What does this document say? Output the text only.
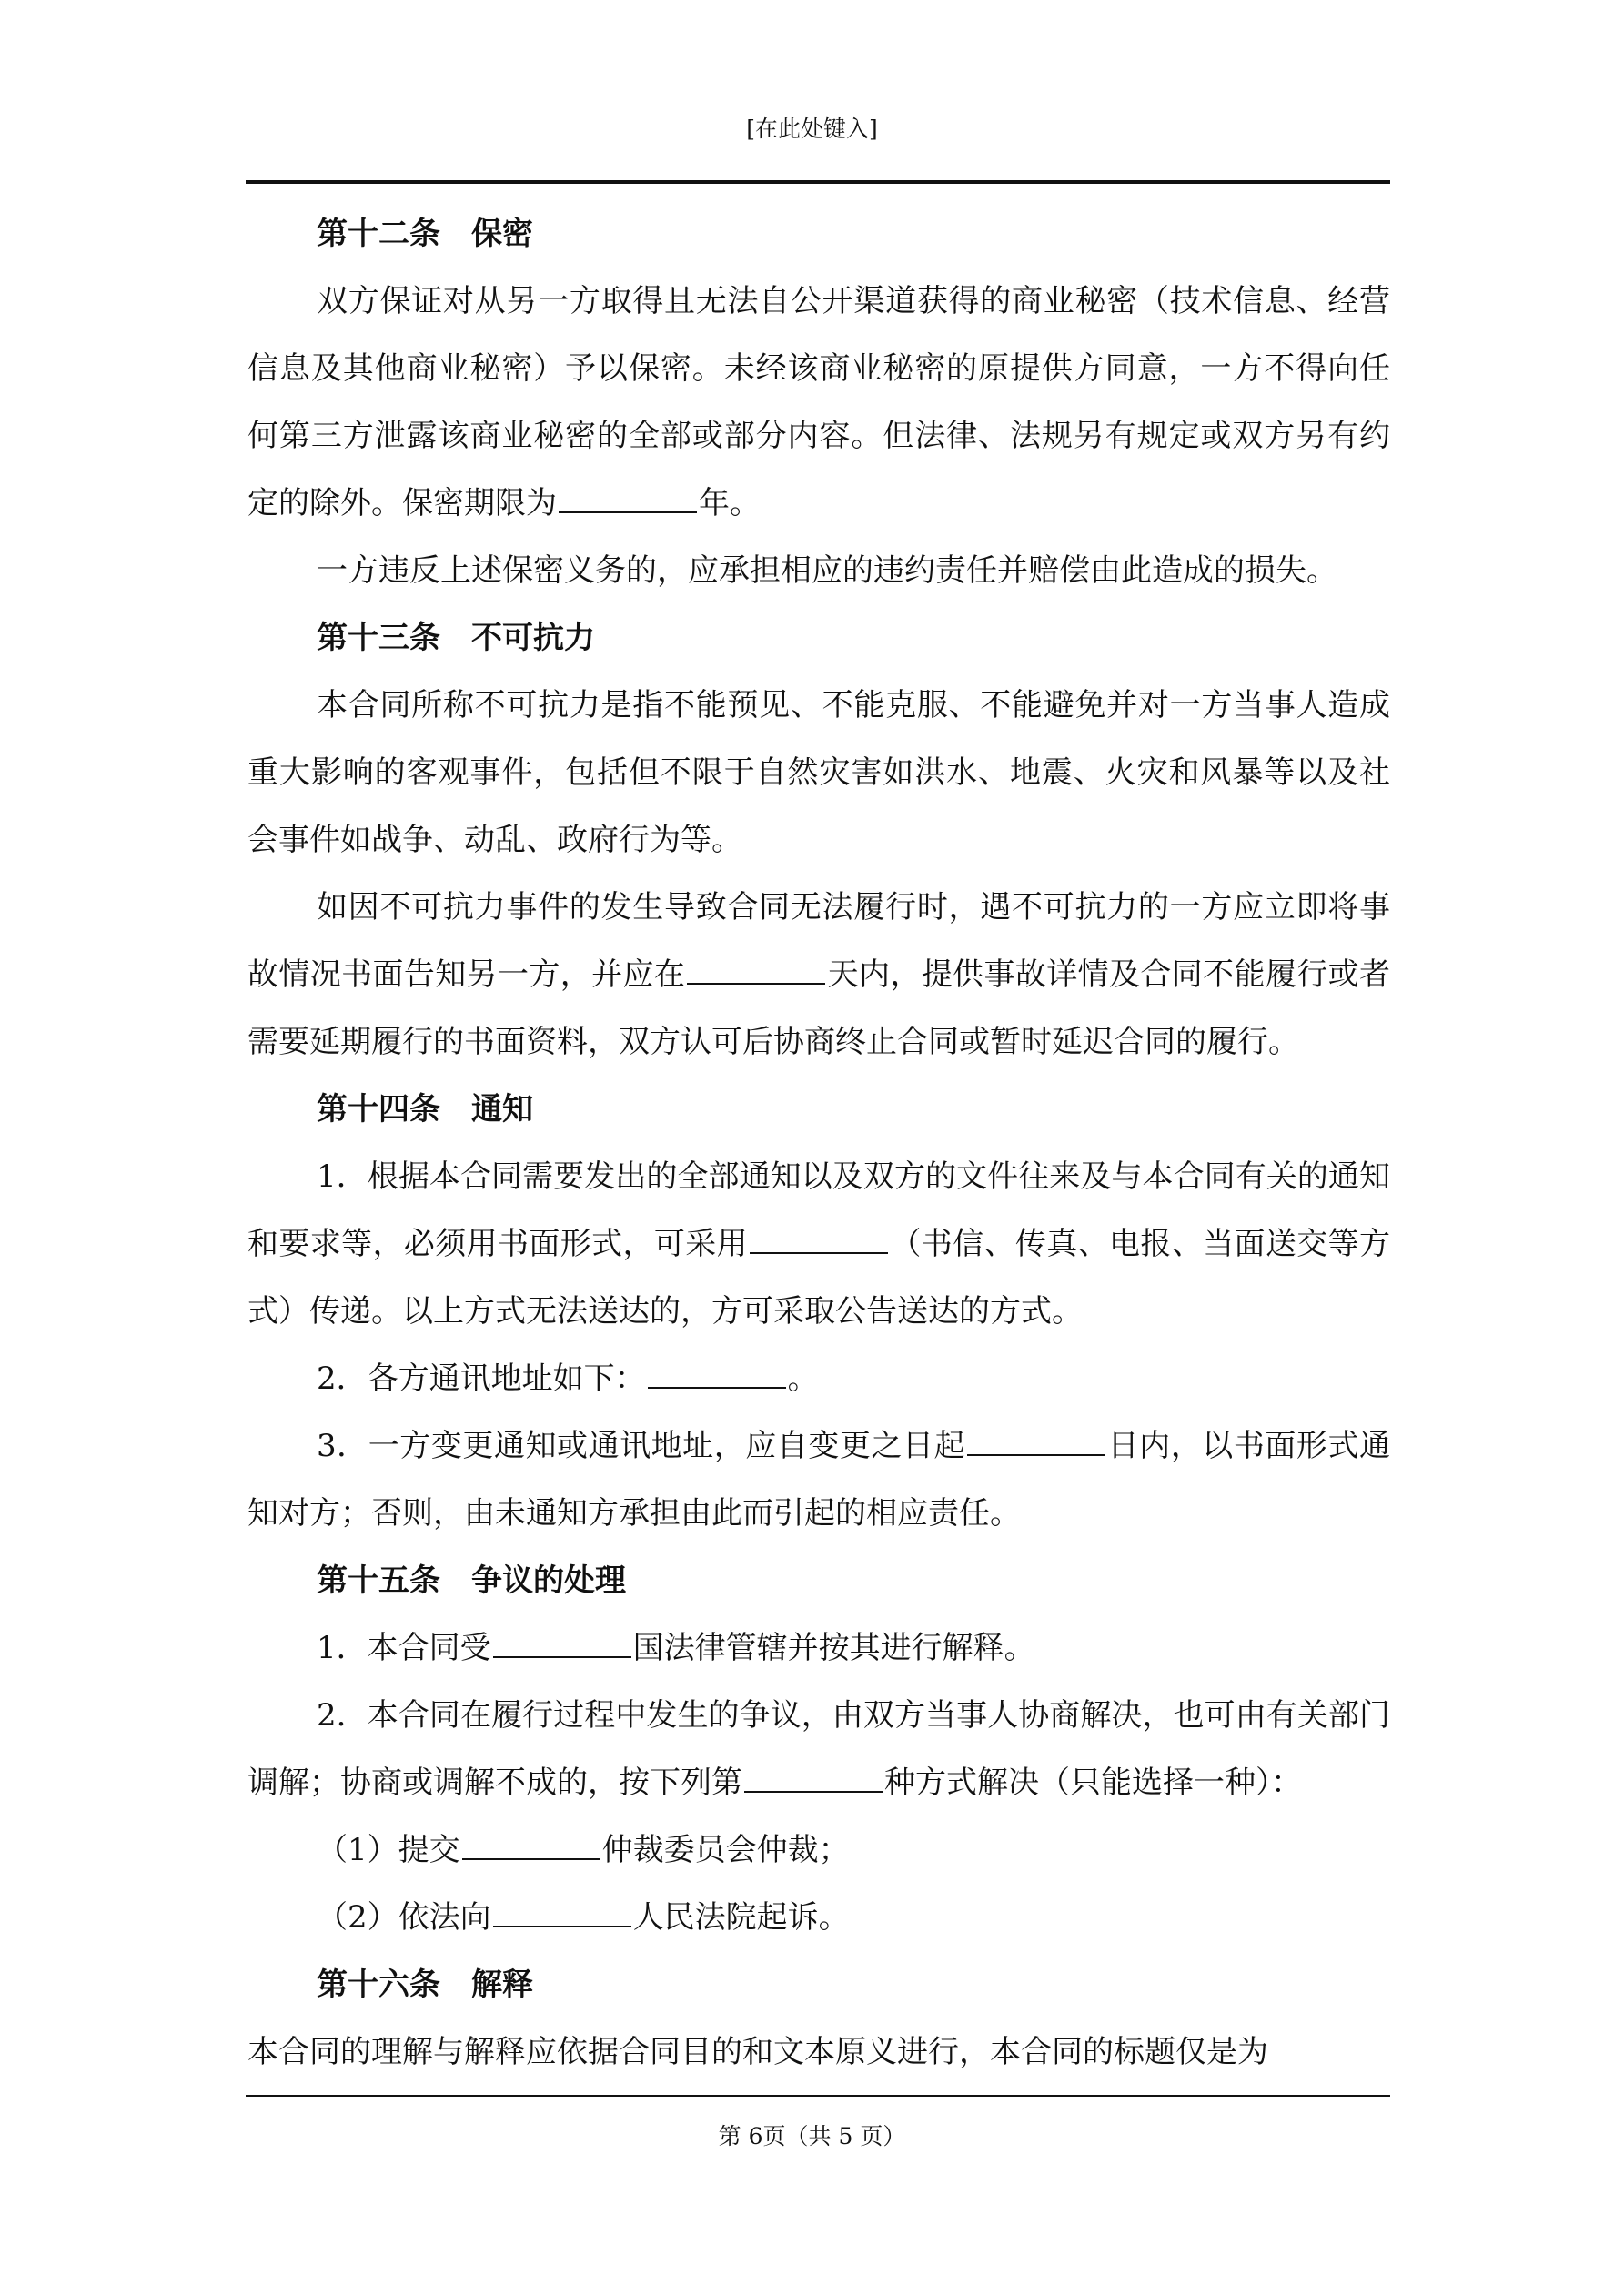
[在此处键入]
第十二条 保密

双方保证对从另一方取得且无法自公开渠道获得的商业秘密（技术信息、经营信息及其他商业秘密）予以保密。未经该商业秘密的原提供方同意，一方不得向任何第三方泄露该商业秘密的全部或部分内容。但法律、法规另有规定或双方另有约定的除外。保密期限为	年。

一方违反上述保密义务的，应承担相应的违约责任并赔偿由此造成的损失。

第十三条 不可抗力

本合同所称不可抗力是指不能预见、不能克服、不能避免并对一方当事人造成重大影响的客观事件，包括但不限于自然灾害如洪水、地震、火灾和风暴等以及社会事件如战争、动乱、政府行为等。

如因不可抗力事件的发生导致合同无法履行时，遇不可抗力的一方应立即将事故情况书面告知另一方，并应在	天内，提供事故详情及合同不能履行或者需要延期履行的书面资料，双方认可后协商终止合同或暂时延迟合同的履行。

第十四条 通知

1．根据本合同需要发出的全部通知以及双方的文件往来及与本合同有关的通知和要求等，必须用书面形式，可采用	（书信、传真、电报、当面送交等方式）传递。以上方式无法送达的，方可采取公告送达的方式。

2．各方通讯地址如下：	。

3．一方变更通知或通讯地址，应自变更之日起	日内，以书面形式通知对方；否则，由未通知方承担由此而引起的相应责任。

第十五条 争议的处理

1．本合同受	国法律管辖并按其进行解释。

2．本合同在履行过程中发生的争议，由双方当事人协商解决，也可由有关部门调解；协商或调解不成的，按下列第	种方式解决（只能选择一种）：

（1）提交	仲裁委员会仲裁；

（2）依法向	人民法院起诉。

第十六条 解释

本合同的理解与解释应依据合同目的和文本原义进行，本合同的标题仅是为

第 6页（共 5 页）
